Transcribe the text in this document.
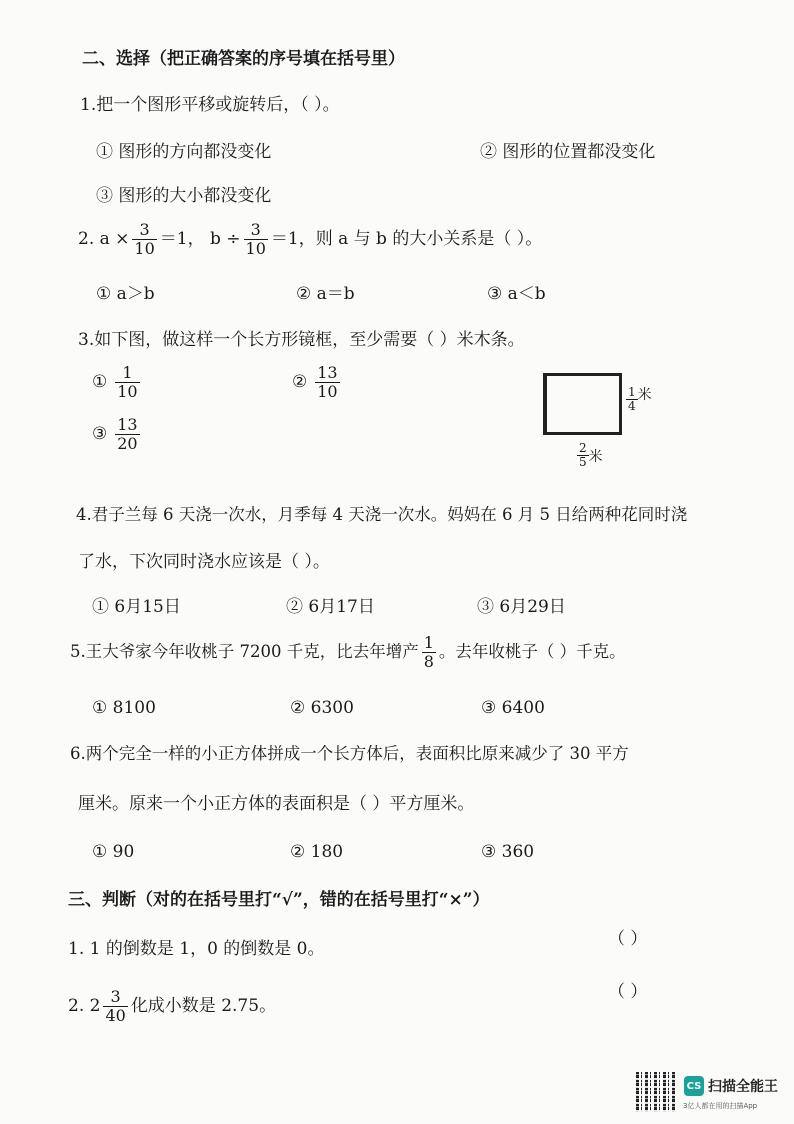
二、选择（把正确答案的序号填在括号里）
1.把一个图形平移或旋转后，（ ）。
① 图形的方向都没变化	② 图形的位置都没变化
③ 图形的大小都没变化
2. $a \times \frac{3}{10} =1$， $b \div \frac{3}{10} =1$，则 a 与 b 的大小关系是（ ）。
① a＞b	② a＝b	③ a＜b
3.如下图，做这样一个长方形镜框，至少需要（ ）米木条。
① $\frac{1}{10}$	② $\frac{13}{10}$
③ $\frac{13}{20}$
$\frac{1}{4}$ 米
$\frac{2}{5}$ 米
4.君子兰每 6 天浇一次水，月季每 4 天浇一次水。妈妈在 6 月 5 日给两种花同时浇
了水，下次同时浇水应该是（ ）。
① 6月15日	② 6月17日	③ 6月29日
5.王大爷家今年收桃子 7200 千克，比去年增产 $\frac{1}{8}$ 。去年收桃子（ ）千克。
① 8100	② 6300	③ 6400
6.两个完全一样的小正方体拼成一个长方体后，表面积比原来减少了 30 平方
厘米。原来一个小正方体的表面积是（ ）平方厘米。
① 90	② 180	③ 360
三、判断（对的在括号里打“√”，错的在括号里打“×”）
1. 1 的倒数是 1，0 的倒数是 0。	（ ）
2. $2 \frac{3}{40}$ 化成小数是 2.75。
（ ）
CS 扫描全能王
3亿人都在用的扫描App
